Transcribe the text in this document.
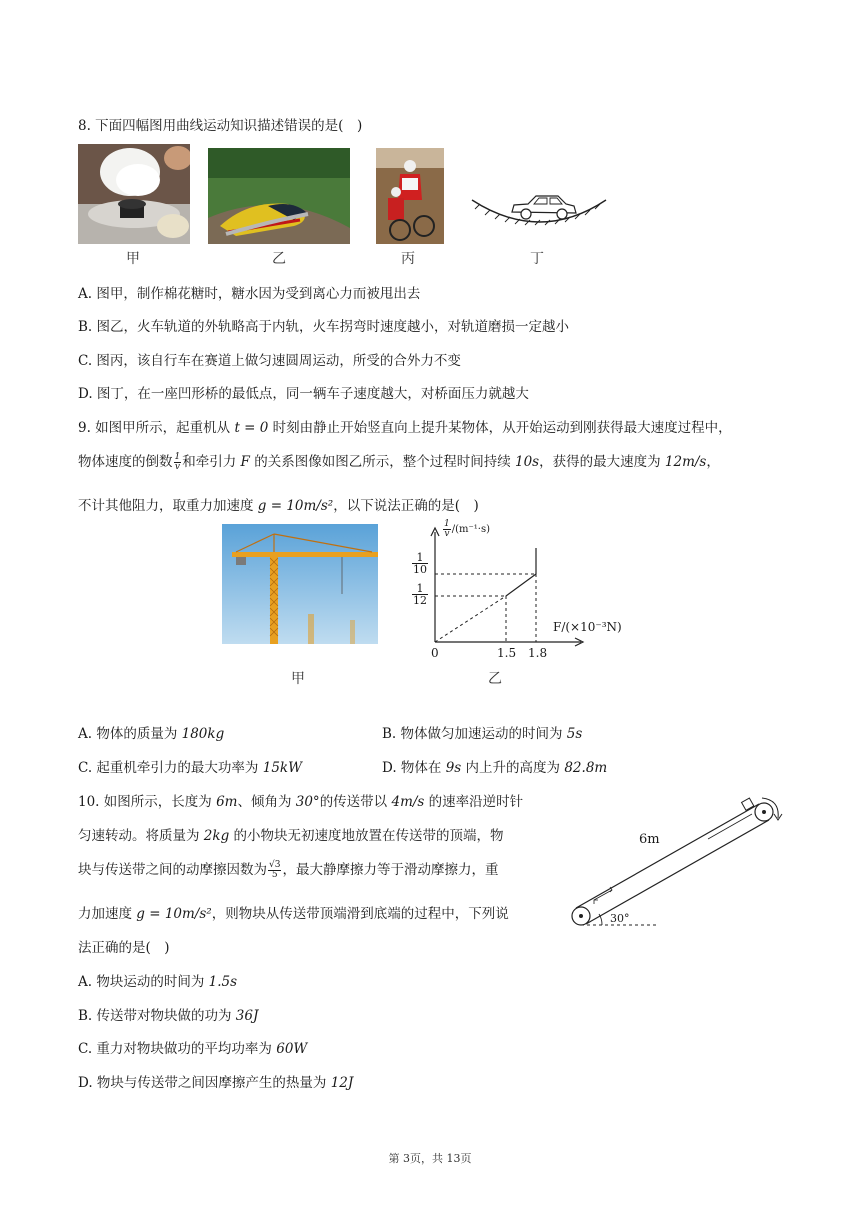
8. 下面四幅图用曲线运动知识描述错误的是(　)
甲	乙	丙	丁
A. 图甲，制作棉花糖时，糖水因为受到离心力而被甩出去
B. 图乙，火车轨道的外轨略高于内轨，火车拐弯时速度越小，对轨道磨损一定越小
C. 图丙，该自行车在赛道上做匀速圆周运动，所受的合外力不变
D. 图丁，在一座凹形桥的最低点，同一辆车子速度越大，对桥面压力就越大
9. 如图甲所示，起重机从 t = 0 时刻由静止开始竖直向上提升某物体，从开始运动到刚获得最大速度过程中，
物体速度的倒数 $\frac{1}{v}$ 和牵引力 F 的关系图像如图乙所示，整个过程时间持续 10s，获得的最大速度为 12m/s，
不计其他阻力，取重力加速度 g = 10m/s²，以下说法正确的是(　)
$\frac{1}{v} /(m^{-1}\cdot s)$
$\frac{1}{10}$
$\frac{1}{12}$
F/(×10⁻³N)
0	1.5 1.8
甲	乙
A. 物体的质量为 180kg	B. 物体做匀加速运动的时间为 5s
C. 起重机牵引力的最大功率为 15kW	D. 物体在 9s 内上升的高度为 82.8m
10. 如图所示，长度为 6m、倾角为 30°的传送带以 4m/s 的速率沿逆时针
匀速转动。将质量为 2kg 的小物块无初速度地放置在传送带的顶端，物
块与传送带之间的动摩擦因数为 $\frac{√3}{5}$ ，最大静摩擦力等于滑动摩擦力，重
力加速度 g = 10m/s²，则物块从传送带顶端滑到底端的过程中，下列说
法正确的是(　)
6m
30°
A. 物块运动的时间为 1.5s
B. 传送带对物块做的功为 36J
C. 重力对物块做功的平均功率为 60W
D. 物块与传送带之间因摩擦产生的热量为 12J
第 3页，共 13页
